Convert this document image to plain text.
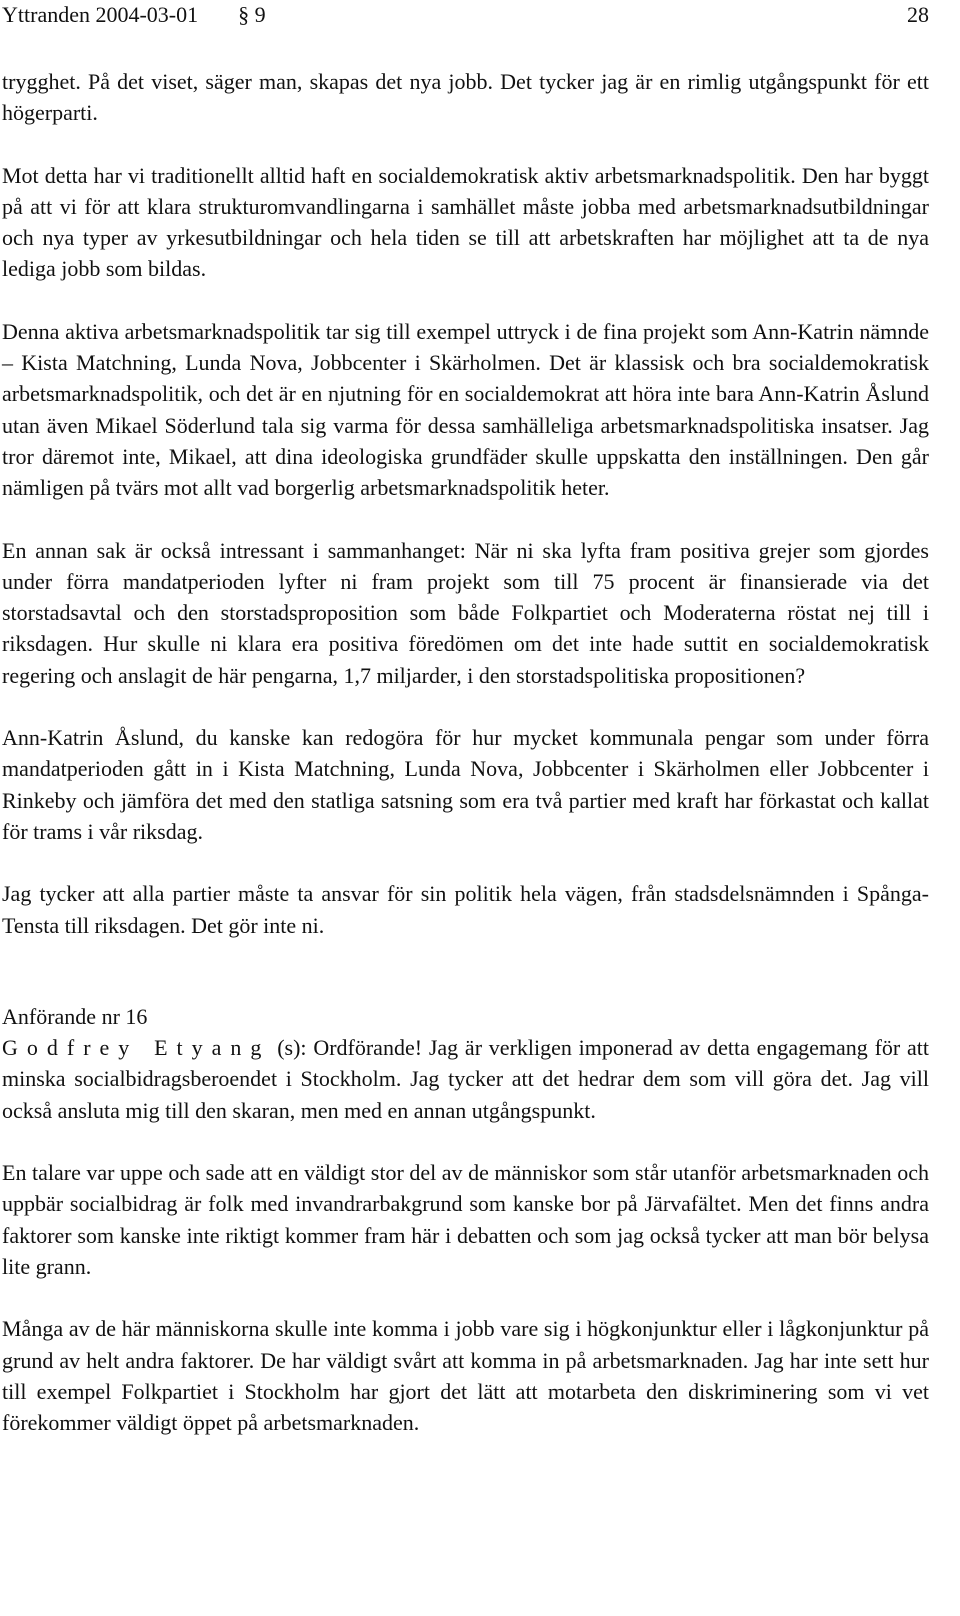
Yttranden 2004-03-01 § 9	28

trygghet. På det viset, säger man, skapas det nya jobb. Det tycker jag är en rimlig utgångspunkt för ett högerparti.

Mot detta har vi traditionellt alltid haft en socialdemokratisk aktiv arbetsmarknadspolitik. Den har byggt på att vi för att klara strukturomvandlingarna i samhället måste jobba med arbetsmarknadsutbildningar och nya typer av yrkesutbildningar och hela tiden se till att arbetskraften har möjlighet att ta de nya lediga jobb som bildas.

Denna aktiva arbetsmarknadspolitik tar sig till exempel uttryck i de fina projekt som Ann-Katrin nämnde – Kista Matchning, Lunda Nova, Jobbcenter i Skärholmen. Det är klassisk och bra socialdemokratisk arbetsmarknadspolitik, och det är en njutning för en socialdemokrat att höra inte bara Ann-Katrin Åslund utan även Mikael Söderlund tala sig varma för dessa samhälleliga arbetsmarknadspolitiska insatser. Jag tror däremot inte, Mikael, att dina ideologiska grundfäder skulle uppskatta den inställningen. Den går nämligen på tvärs mot allt vad borgerlig arbetsmarknadspolitik heter.

En annan sak är också intressant i sammanhanget: När ni ska lyfta fram positiva grejer som gjordes under förra mandatperioden lyfter ni fram projekt som till 75 procent är finansierade via det storstadsavtal och den storstadsproposition som både Folkpartiet och Moderaterna röstat nej till i riksdagen. Hur skulle ni klara era positiva föredömen om det inte hade suttit en socialdemokratisk regering och anslagit de här pengarna, 1,7 miljarder, i den storstadspolitiska propositionen?

Ann-Katrin Åslund, du kanske kan redogöra för hur mycket kommunala pengar som under förra mandatperioden gått in i Kista Matchning, Lunda Nova, Jobbcenter i Skärholmen eller Jobbcenter i Rinkeby och jämföra det med den statliga satsning som era två partier med kraft har förkastat och kallat för trams i vår riksdag.

Jag tycker att alla partier måste ta ansvar för sin politik hela vägen, från stadsdelsnämnden i Spånga-Tensta till riksdagen. Det gör inte ni.

Anförande nr 16

Godfrey Etyang (s): Ordförande! Jag är verkligen imponerad av detta engagemang för att minska socialbidragsberoendet i Stockholm. Jag tycker att det hedrar dem som vill göra det. Jag vill också ansluta mig till den skaran, men med en annan utgångspunkt.

En talare var uppe och sade att en väldigt stor del av de människor som står utanför arbetsmarknaden och uppbär socialbidrag är folk med invandrarbakgrund som kanske bor på Järvafältet. Men det finns andra faktorer som kanske inte riktigt kommer fram här i debatten och som jag också tycker att man bör belysa lite grann.

Många av de här människorna skulle inte komma i jobb vare sig i högkonjunktur eller i lågkonjunktur på grund av helt andra faktorer. De har väldigt svårt att komma in på arbetsmarknaden. Jag har inte sett hur till exempel Folkpartiet i Stockholm har gjort det lätt att motarbeta den diskriminering som vi vet förekommer väldigt öppet på arbetsmarknaden.
